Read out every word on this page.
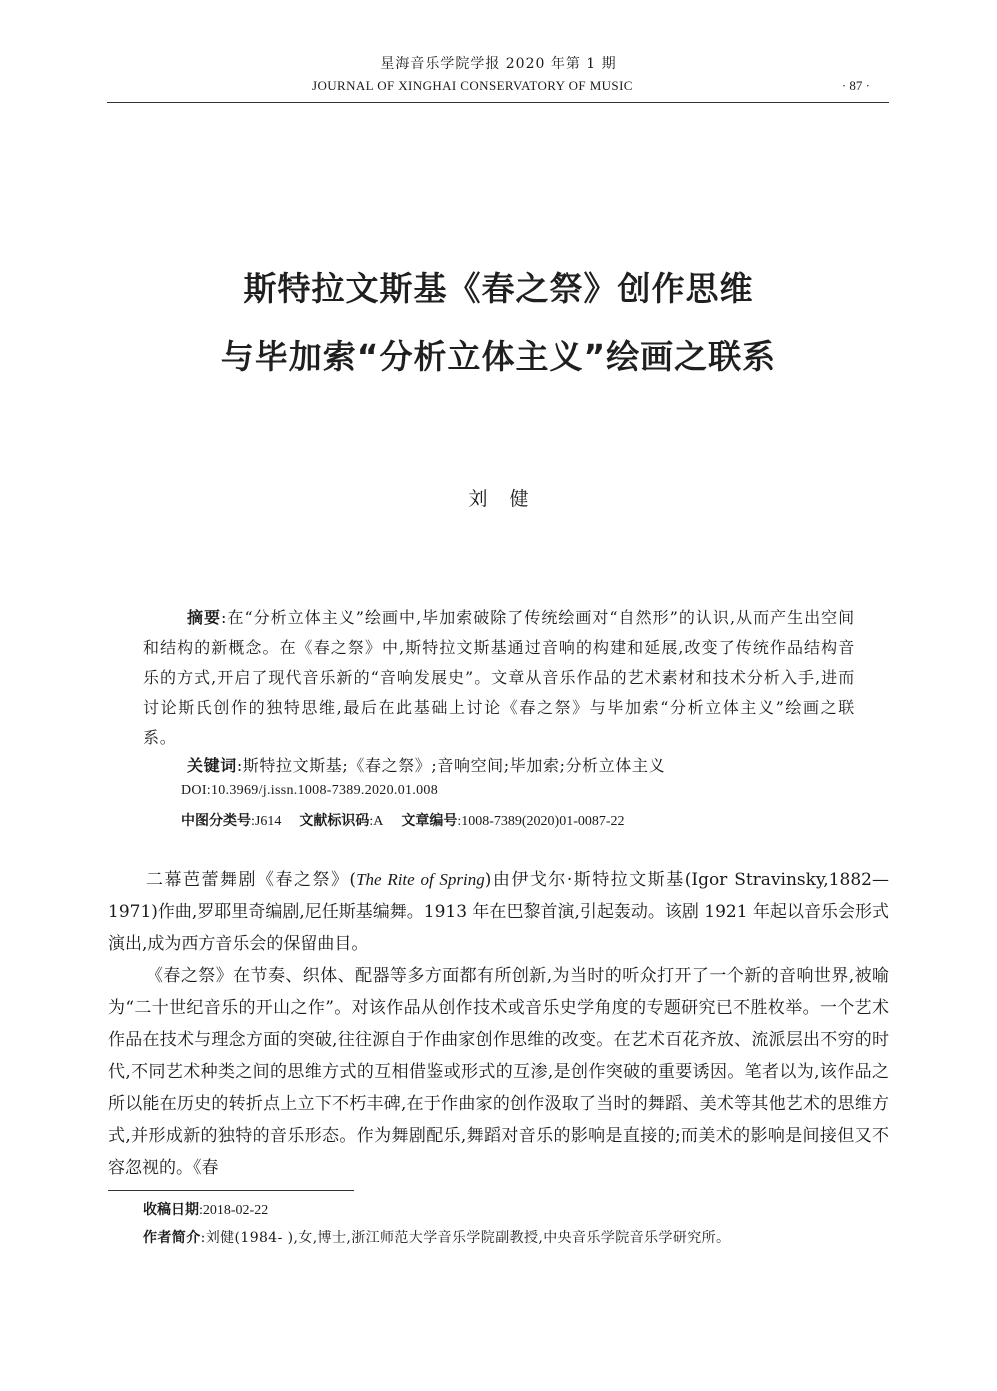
星海音乐学院学报 2020 年第 1 期
JOURNAL OF XINGHAI CONSERVATORY OF MUSIC	· 87 ·
斯特拉文斯基《春之祭》创作思维
与毕加索“分析立体主义”绘画之联系
刘健
摘要:在“分析立体主义”绘画中,毕加索破除了传统绘画对“自然形”的认识,从而产生出空间和结构的新概念。在《春之祭》中,斯特拉文斯基通过音响的构建和延展,改变了传统作品结构音乐的方式,开启了现代音乐新的“音响发展史”。文章从音乐作品的艺术素材和技术分析入手,进而讨论斯氏创作的独特思维,最后在此基础上讨论《春之祭》与毕加索“分析立体主义”绘画之联系。
关键词:斯特拉文斯基;《春之祭》;音响空间;毕加索;分析立体主义
DOI:10.3969/j.issn.1008-7389.2020.01.008
中图分类号:J614 文献标识码:A 文章编号:1008-7389(2020)01-0087-22

二幕芭蕾舞剧《春之祭》(The Rite of Spring)由伊戈尔·斯特拉文斯基(Igor Stravinsky,1882—1971)作曲,罗耶里奇编剧,尼任斯基编舞。1913 年在巴黎首演,引起轰动。该剧 1921 年起以音乐会形式演出,成为西方音乐会的保留曲目。

《春之祭》在节奏、织体、配器等多方面都有所创新,为当时的听众打开了一个新的音响世界,被喻为“二十世纪音乐的开山之作”。对该作品从创作技术或音乐史学角度的专题研究已不胜枚举。一个艺术作品在技术与理念方面的突破,往往源自于作曲家创作思维的改变。在艺术百花齐放、流派层出不穷的时代,不同艺术种类之间的思维方式的互相借鉴或形式的互渗,是创作突破的重要诱因。笔者以为,该作品之所以能在历史的转折点上立下不朽丰碑,在于作曲家的创作汲取了当时的舞蹈、美术等其他艺术的思维方式,并形成新的独特的音乐形态。作为舞剧配乐,舞蹈对音乐的影响是直接的;而美术的影响是间接但又不容忽视的。《春

收稿日期:2018-02-22
作者简介:刘健(1984- ),女,博士,浙江师范大学音乐学院副教授,中央音乐学院音乐学研究所。
